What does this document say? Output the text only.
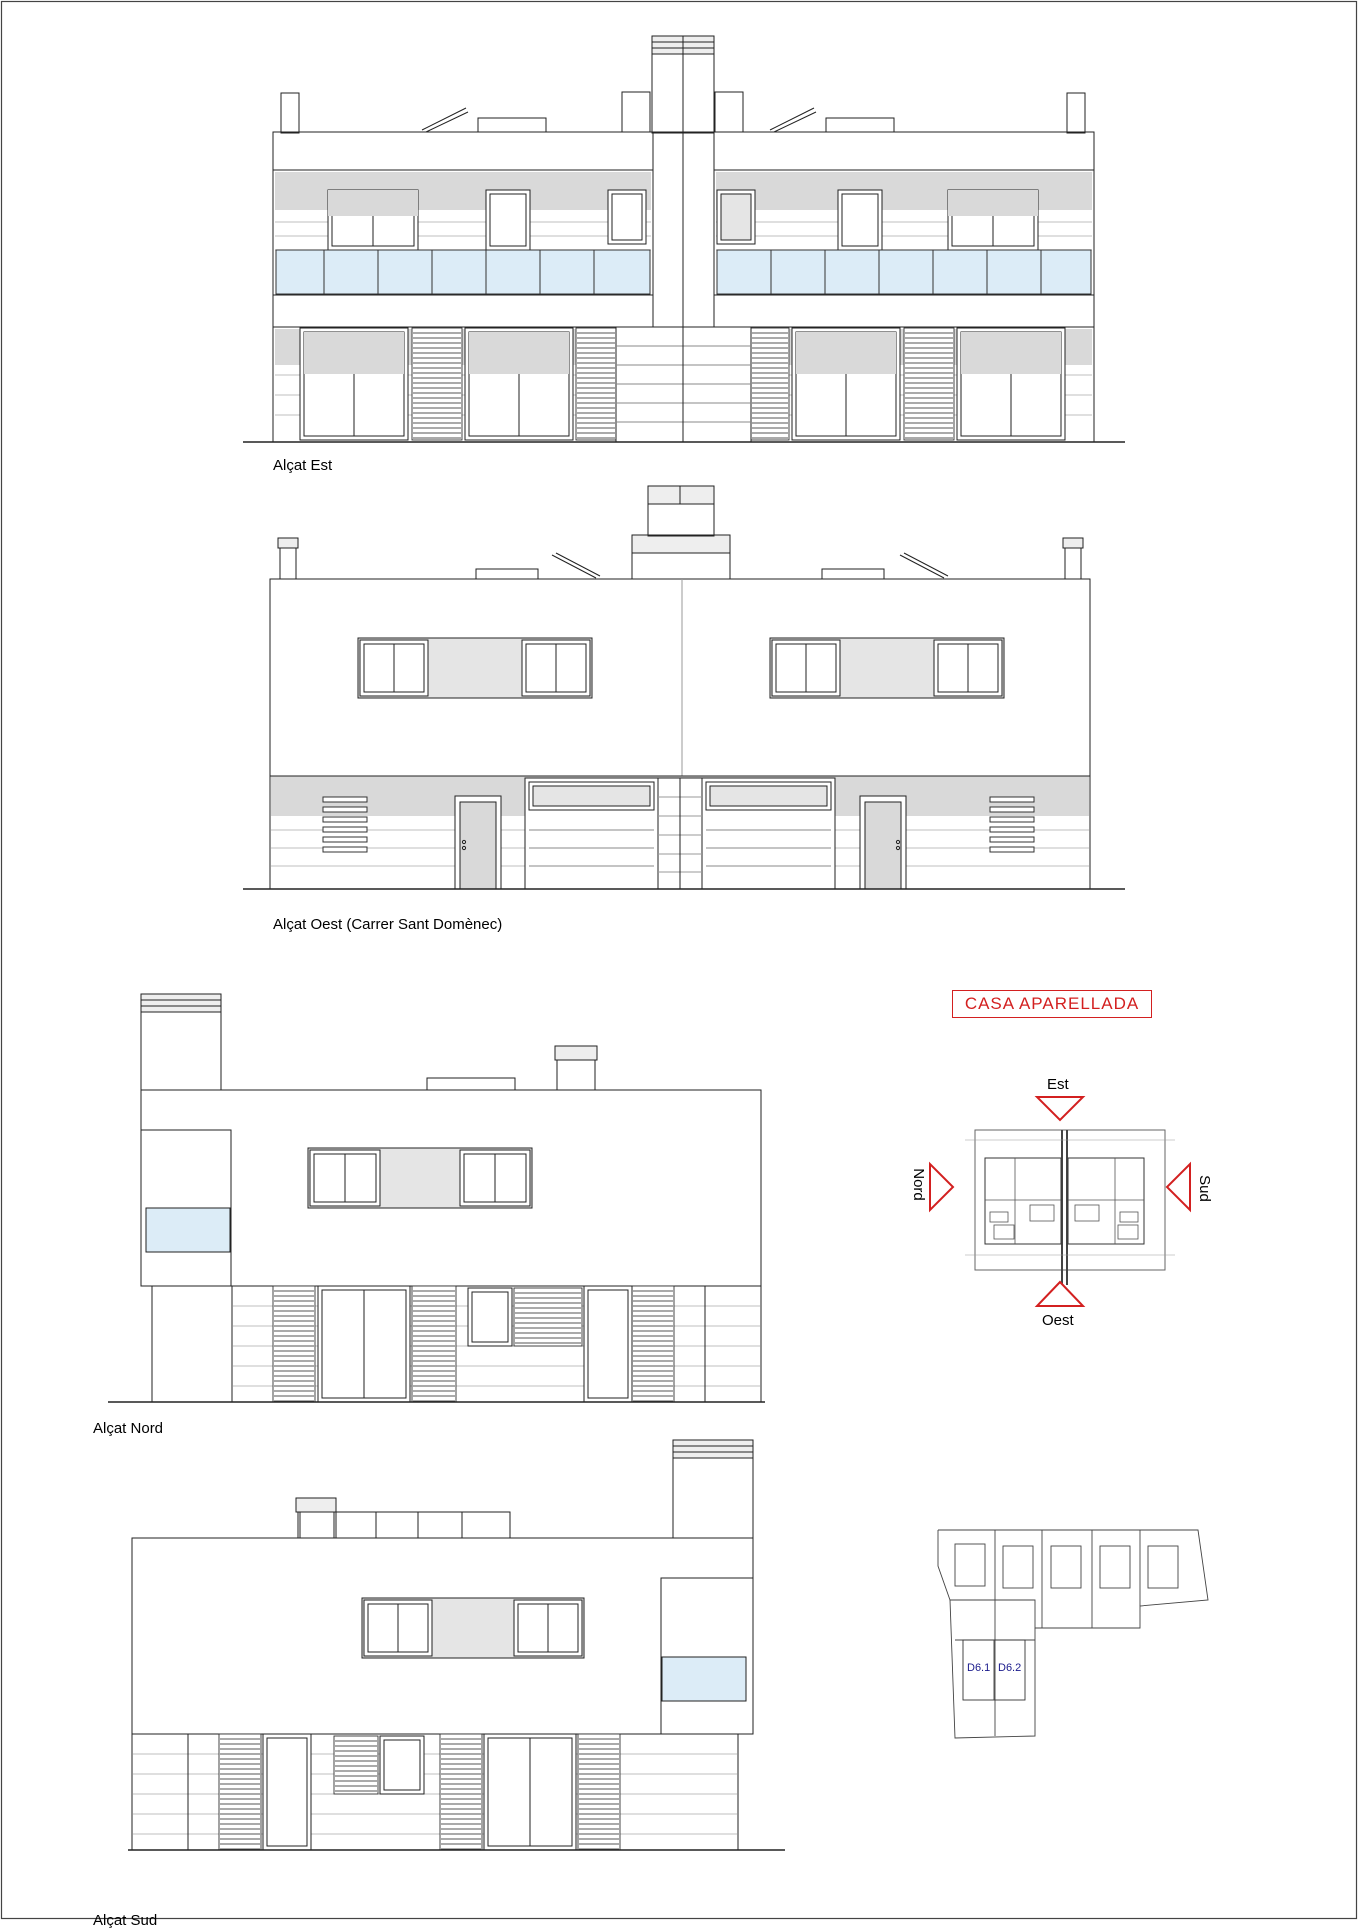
Alçat Est
Alçat Oest (Carrer Sant Domènec)
Alçat Nord
Alçat Sud
CASA APARELLADA
Est
Oest
Nord	Sud
D6.1 D6.2
